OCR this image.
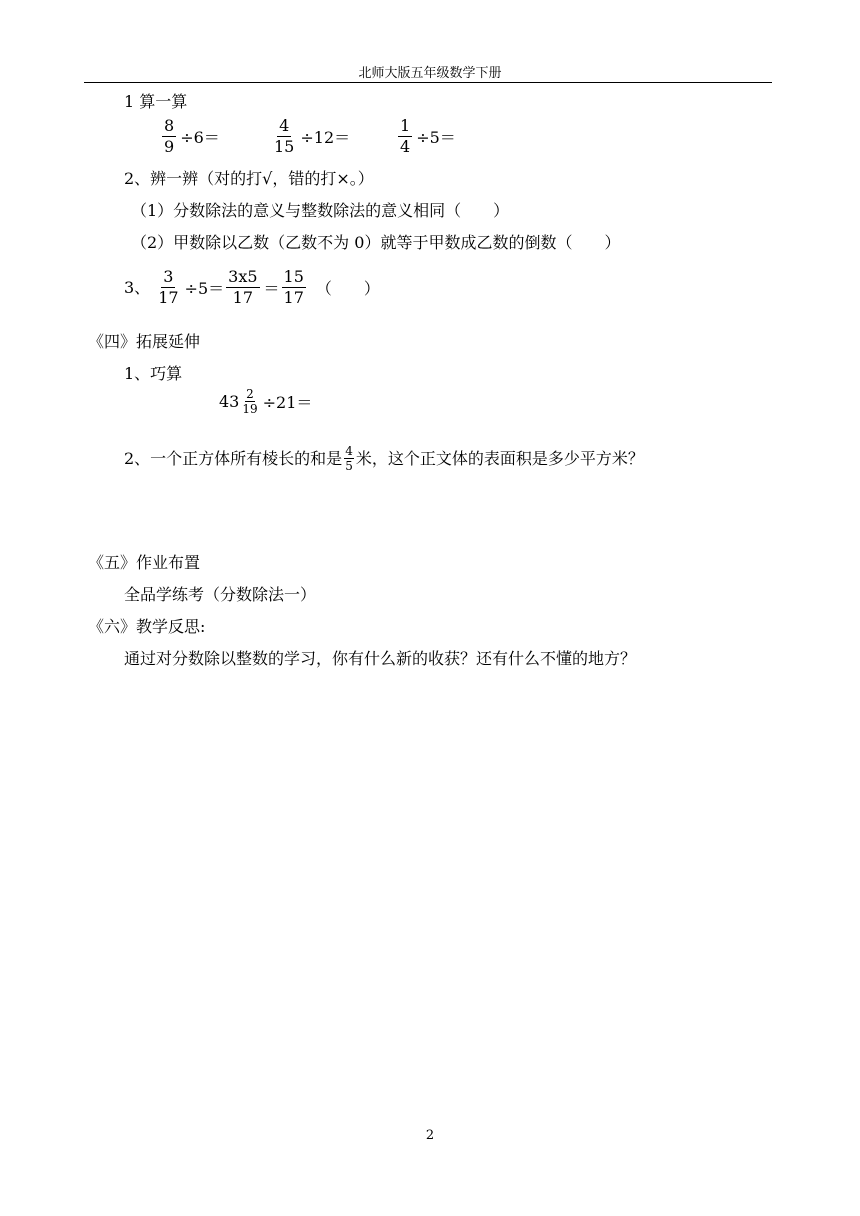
北师大版五年级数学下册
1 算一算
$\frac{8}{9} \div 6=$	$\frac{4}{15} \div 12=$	$\frac{1}{4} \div 5=$
2、辨一辨（对的打√，错的打×。）
（1）分数除法的意义与整数除法的意义相同（　　）
（2）甲数除以乙数（乙数不为 0）就等于甲数成乙数的倒数（　　）
3、 $\frac{3}{17} \div 5= \frac{3x5}{17} = \frac{15}{17}$ （　　）
《四》拓展延伸
1、巧算
$43 \frac{2}{19} \div 21=$
2、一个正方体所有棱长的和是 $\frac{4}{5}$ 米，这个正文体的表面积是多少平方米？
《五》作业布置
全品学练考（分数除法一）
《六》教学反思:
通过对分数除以整数的学习，你有什么新的收获？还有什么不懂的地方？
2
